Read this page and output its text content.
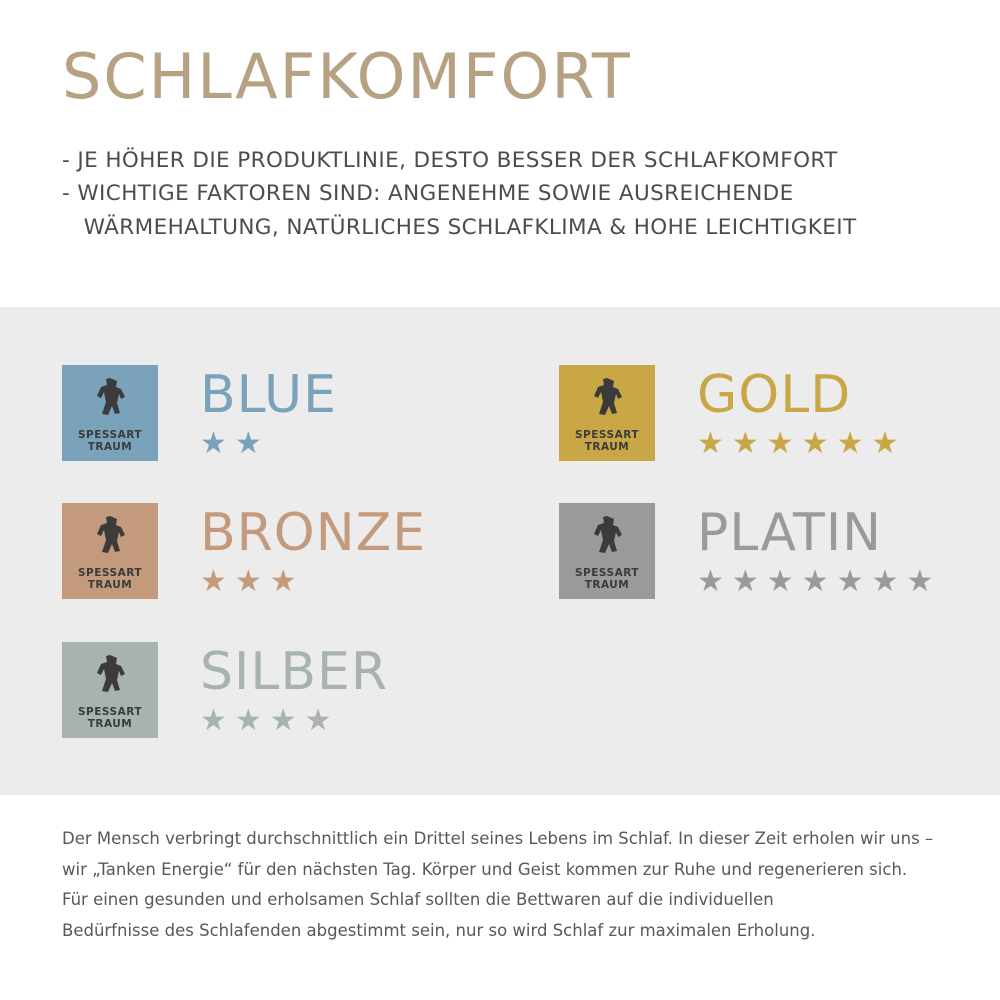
SCHLAFKOMFORT
- JE HÖHER DIE PRODUKTLINIE, DESTO BESSER DER SCHLAFKOMFORT
- WICHTIGE FAKTOREN SIND: ANGENEHME SOWIE AUSREICHENDE
WÄRMEHALTUNG, NATÜRLICHES SCHLAFKLIMA & HOHE LEICHTIGKEIT
SPESSART
TRAUM
BLUE
★★	SPESSART
TRAUM
GOLD
★★★★★★
SPESSART
TRAUM
BRONZE
★★★	SPESSART
TRAUM
PLATIN
★★★★★★★
SPESSART
TRAUM
SILBER
★★★★

Der Mensch verbringt durchschnittlich ein Drittel seines Lebens im Schlaf. In dieser Zeit erholen wir uns –

wir „Tanken Energie“ für den nächsten Tag. Körper und Geist kommen zur Ruhe und regenerieren sich.

Für einen gesunden und erholsamen Schlaf sollten die Bettwaren auf die individuellen

Bedürfnisse des Schlafenden abgestimmt sein, nur so wird Schlaf zur maximalen Erholung.
